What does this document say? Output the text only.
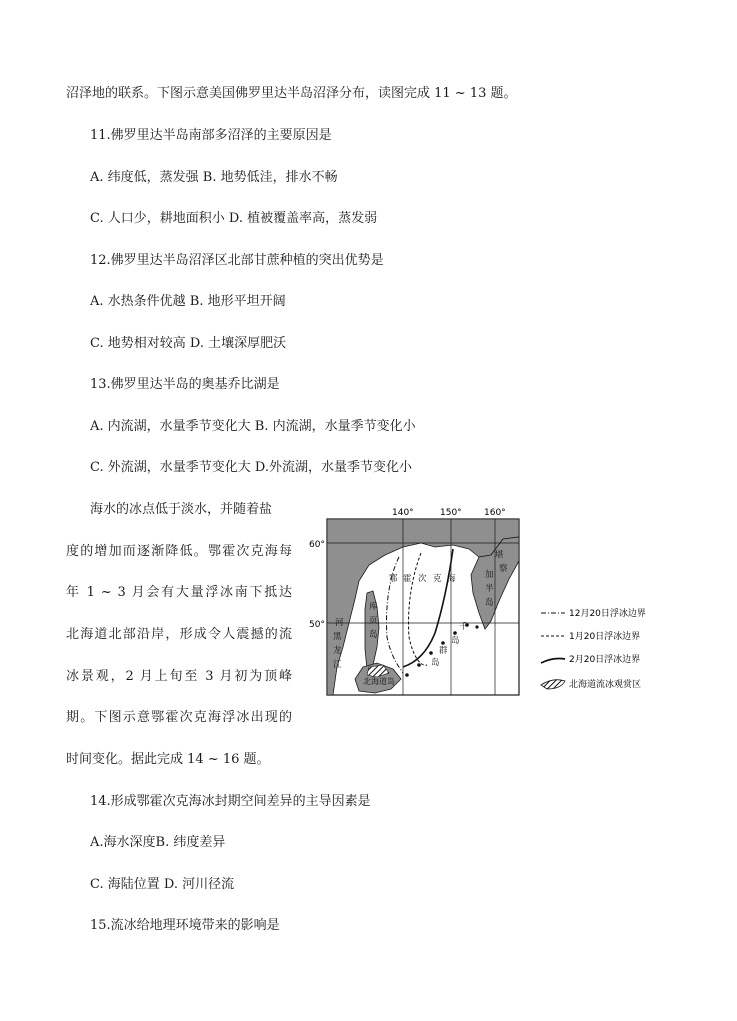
沼泽地的联系。下图示意美国佛罗里达半岛沼泽分布，读图完成 11 ~ 13 题。
11.佛罗里达半岛南部多沼泽的主要原因是
A. 纬度低，蒸发强 B. 地势低洼，排水不畅
C. 人口少，耕地面积小 D. 植被覆盖率高，蒸发弱
12.佛罗里达半岛沼泽区北部甘蔗种植的突出优势是
A. 水热条件优越 B. 地形平坦开阔
C. 地势相对较高 D. 土壤深厚肥沃
13.佛罗里达半岛的奥基乔比湖是
A. 内流湖，水量季节变化大 B. 内流湖，水量季节变化小
C. 外流湖，水量季节变化大 D.外流湖，水量季节变化小
海水的冰点低于淡水，并随着盐
度的增加而逐渐降低。鄂霍次克海每
年 1 ~ 3 月会有大量浮冰南下抵达
北海道北部沿岸，形成令人震撼的流
冰景观，2 月上旬至 3 月初为顶峰
期。下图示意鄂霍次克海浮冰出现的
时间变化。据此完成 14 ~ 16 题。
140°	150° 160°
60°
50°
鄂 霍 次 克 海
堪
察
加
半
岛
库
页
岛
千
岛
群
岛
河
黑
龙
江
北海道岛
12月20日浮冰边界
1月20日浮冰边界
2月20日浮冰边界
北海道流冰观赏区
14.形成鄂霍次克海冰封期空间差异的主导因素是
A.海水深度B. 纬度差异
C. 海陆位置 D. 河川径流
15.流冰给地理环境带来的影响是
